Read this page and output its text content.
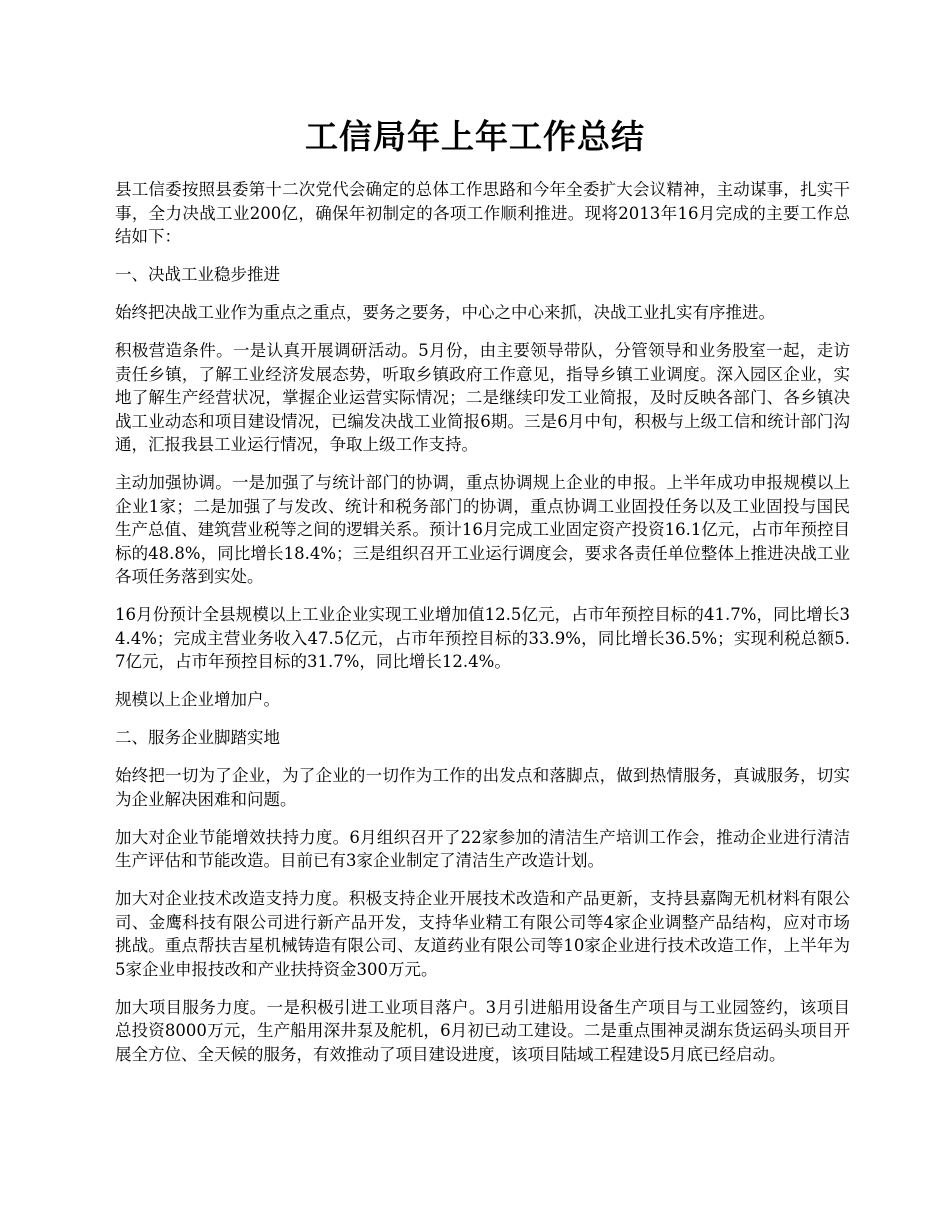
工信局年上年工作总结

县工信委按照县委第十二次党代会确定的总体工作思路和今年全委扩大会议精神，主动谋事，扎实干事，全力决战工业200亿，确保年初制定的各项工作顺利推进。现将2013年16月完成的主要工作总结如下：

一、决战工业稳步推进

始终把决战工业作为重点之重点，要务之要务，中心之中心来抓，决战工业扎实有序推进。

积极营造条件。一是认真开展调研活动。5月份，由主要领导带队，分管领导和业务股室一起，走访责任乡镇，了解工业经济发展态势，听取乡镇政府工作意见，指导乡镇工业调度。深入园区企业，实地了解生产经营状况，掌握企业运营实际情况；二是继续印发工业简报，及时反映各部门、各乡镇决战工业动态和项目建设情况，已编发决战工业简报6期。三是6月中旬，积极与上级工信和统计部门沟通，汇报我县工业运行情况，争取上级工作支持。

主动加强协调。一是加强了与统计部门的协调，重点协调规上企业的申报。上半年成功申报规模以上企业1家；二是加强了与发改、统计和税务部门的协调，重点协调工业固投任务以及工业固投与国民生产总值、建筑营业税等之间的逻辑关系。预计16月完成工业固定资产投资16.1亿元，占市年预控目标的48.8%，同比增长18.4%；三是组织召开工业运行调度会，要求各责任单位整体上推进决战工业各项任务落到实处。

16月份预计全县规模以上工业企业实现工业增加值12.5亿元，占市年预控目标的41.7%，同比增长34.4%；完成主营业务收入47.5亿元，占市年预控目标的33.9%，同比增长36.5%；实现利税总额5.7亿元，占市年预控目标的31.7%，同比增长12.4%。

规模以上企业增加户。

二、服务企业脚踏实地

始终把一切为了企业，为了企业的一切作为工作的出发点和落脚点，做到热情服务，真诚服务，切实为企业解决困难和问题。

加大对企业节能增效扶持力度。6月组织召开了22家参加的清洁生产培训工作会，推动企业进行清洁生产评估和节能改造。目前已有3家企业制定了清洁生产改造计划。

加大对企业技术改造支持力度。积极支持企业开展技术改造和产品更新，支持县嘉陶无机材料有限公司、金鹰科技有限公司进行新产品开发，支持华业精工有限公司等4家企业调整产品结构，应对市场挑战。重点帮扶吉星机械铸造有限公司、友道药业有限公司等10家企业进行技术改造工作，上半年为5家企业申报技改和产业扶持资金300万元。

加大项目服务力度。一是积极引进工业项目落户。3月引进船用设备生产项目与工业园签约，该项目总投资8000万元，生产船用深井泵及舵机，6月初已动工建设。二是重点围神灵湖东货运码头项目开展全方位、全天候的服务，有效推动了项目建设进度，该项目陆域工程建设5月底已经启动。
